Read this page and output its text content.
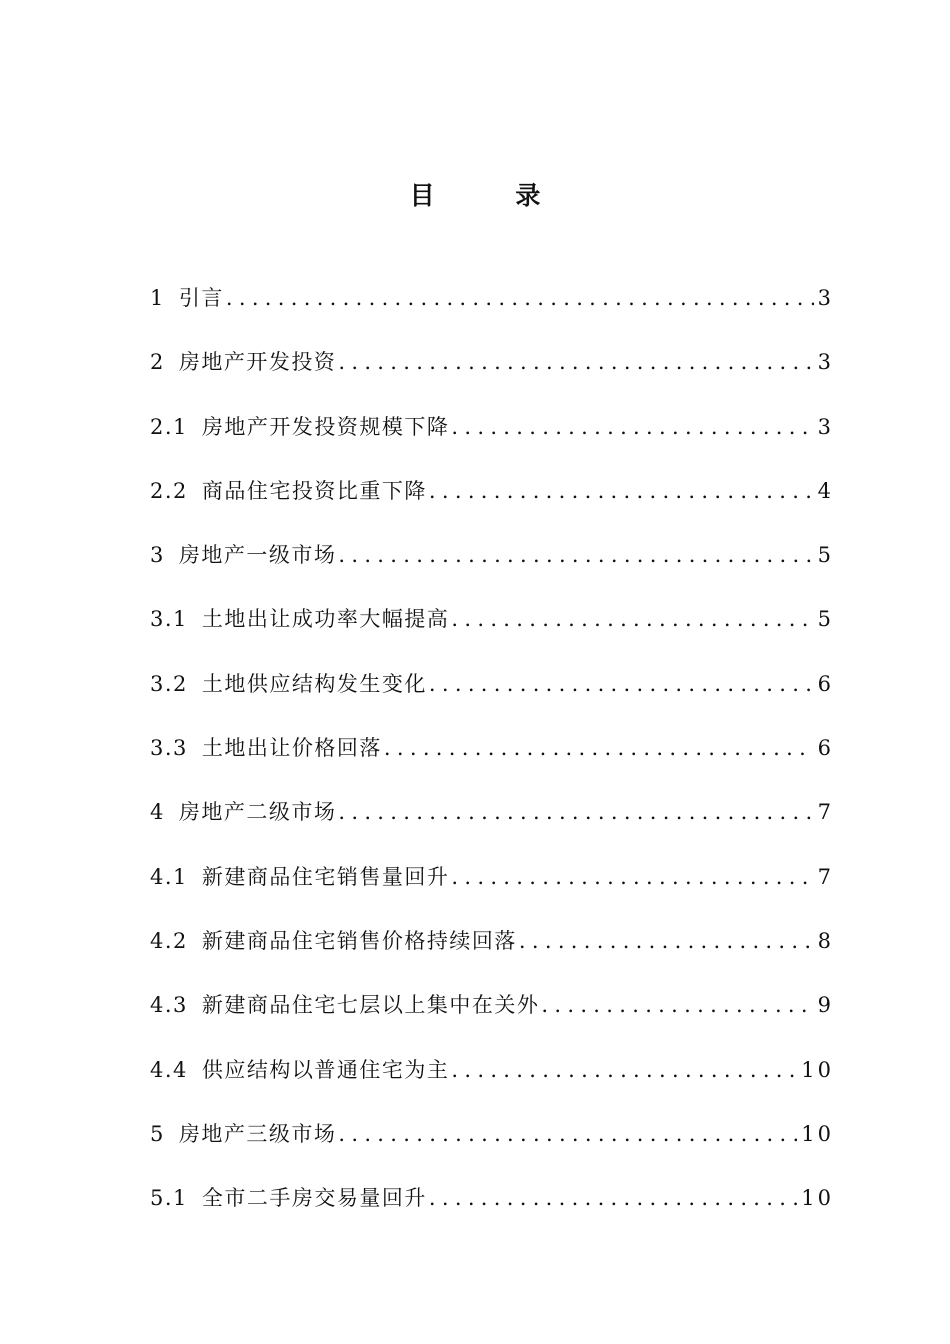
目 录
1 引言 .....	3
2 房地产开发投资 .....	3
2.1 房地产开发投资规模下降 .....	3
2.2 商品住宅投资比重下降 .....	4
3 房地产一级市场 .....	5
3.1 土地出让成功率大幅提高 .....	5
3.2 土地供应结构发生变化 .....	6
3.3 土地出让价格回落 .....	6
4 房地产二级市场 .....	7
4.1 新建商品住宅销售量回升 .....	7
4.2 新建商品住宅销售价格持续回落 .....	8
4.3 新建商品住宅七层以上集中在关外 .....	9
4.4 供应结构以普通住宅为主 .....	10
5 房地产三级市场 .....	10
5.1 全市二手房交易量回升 .....	10
